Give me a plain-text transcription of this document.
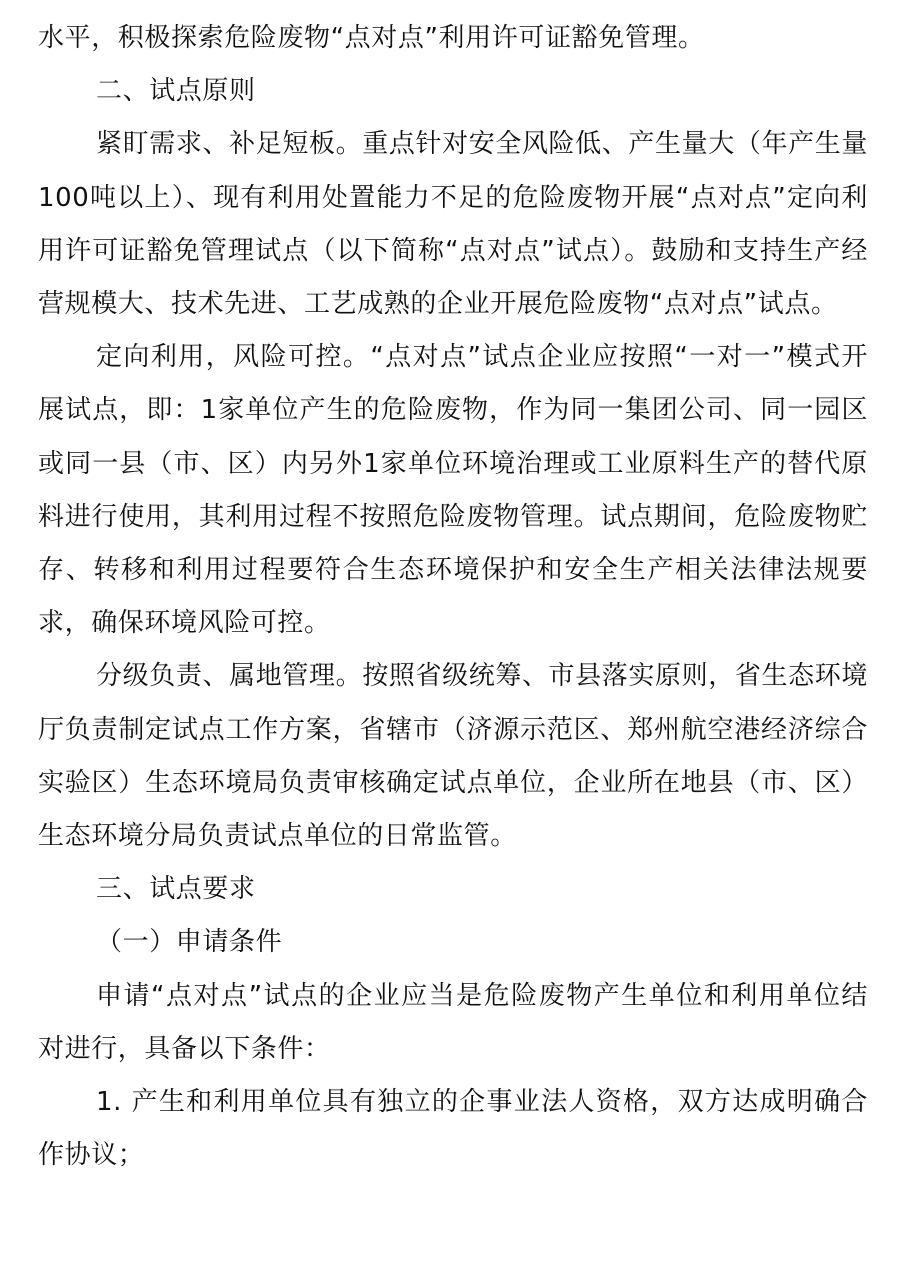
水平，积极探索危险废物“点对点”利用许可证豁免管理。

二、试点原则

紧盯需求、补足短板。重点针对安全风险低、产生量大（年产生量100吨以上）、现有利用处置能力不足的危险废物开展“点对点”定向利用许可证豁免管理试点（以下简称“点对点”试点）。鼓励和支持生产经营规模大、技术先进、工艺成熟的企业开展危险废物“点对点”试点。

定向利用，风险可控。“点对点”试点企业应按照“一对一”模式开展试点，即：1家单位产生的危险废物，作为同一集团公司、同一园区或同一县（市、区）内另外1家单位环境治理或工业原料生产的替代原料进行使用，其利用过程不按照危险废物管理。试点期间，危险废物贮存、转移和利用过程要符合生态环境保护和安全生产相关法律法规要求，确保环境风险可控。

分级负责、属地管理。按照省级统筹、市县落实原则，省生态环境厅负责制定试点工作方案，省辖市（济源示范区、郑州航空港经济综合实验区）生态环境局负责审核确定试点单位，企业所在地县（市、区）生态环境分局负责试点单位的日常监管。

三、试点要求

（一）申请条件

申请“点对点”试点的企业应当是危险废物产生单位和利用单位结对进行，具备以下条件：

1. 产生和利用单位具有独立的企事业法人资格，双方达成明确合作协议；
